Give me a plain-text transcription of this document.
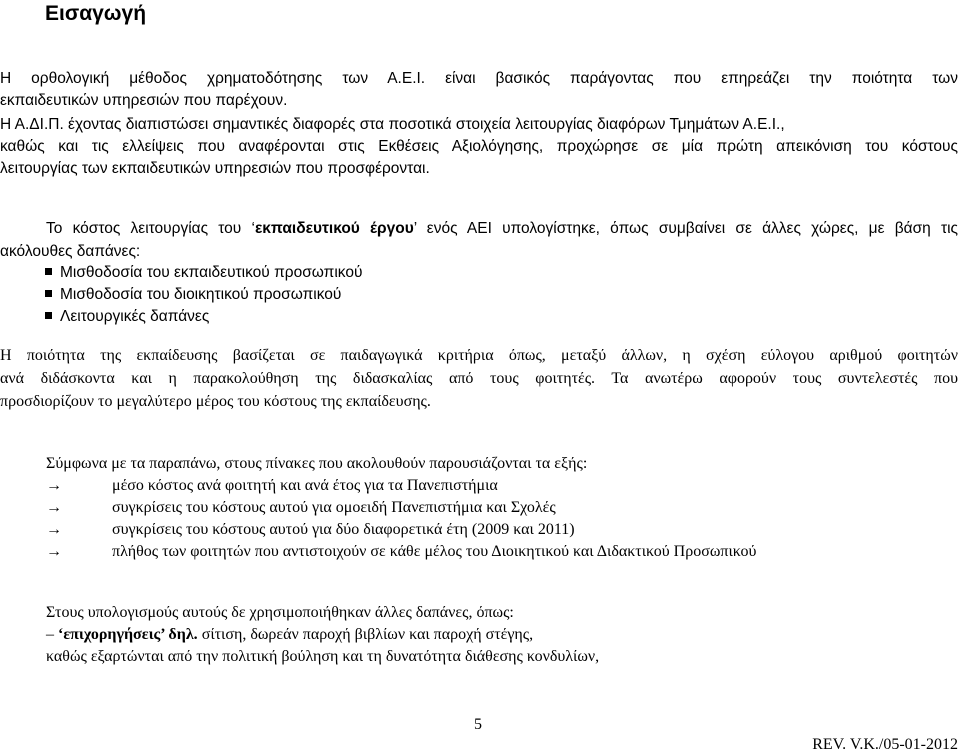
Εισαγωγή
Η ορθολογική μέθοδος χρηματοδότησης των Α.Ε.Ι. είναι βασικός παράγοντας που επηρεάζει την ποιότητα των
εκπαιδευτικών υπηρεσιών που παρέχουν.
Η Α.ΔΙ.Π. έχοντας διαπιστώσει σημαντικές διαφορές στα ποσοτικά στοιχεία λειτουργίας διαφόρων Τμημάτων Α.Ε.Ι.,
καθώς και τις ελλείψεις που αναφέρονται στις Εκθέσεις Αξιολόγησης, προχώρησε σε μία πρώτη απεικόνιση του κόστους
λειτουργίας των εκπαιδευτικών υπηρεσιών που προσφέρονται.
Το κόστος λειτουργίας του ‘εκπαιδευτικού έργου’ ενός ΑΕΙ υπολογίστηκε, όπως συμβαίνει σε άλλες χώρες, με βάση τις
ακόλουθες δαπάνες:
Μισθοδοσία του εκπαιδευτικού προσωπικού
Μισθοδοσία του διοικητικού προσωπικού
Λειτουργικές δαπάνες
Η ποιότητα της εκπαίδευσης βασίζεται σε παιδαγωγικά κριτήρια όπως, μεταξύ άλλων, η σχέση εύλογου αριθμού φοιτητών
ανά διδάσκοντα και η παρακολούθηση της διδασκαλίας από τους φοιτητές. Τα ανωτέρω αφορούν τους συντελεστές που
προσδιορίζουν το μεγαλύτερο μέρος του κόστους της εκπαίδευσης.
Σύμφωνα με τα παραπάνω, στους πίνακες που ακολουθούν παρουσιάζονται τα εξής:
→	μέσο κόστος ανά φοιτητή και ανά έτος για τα Πανεπιστήμια
→	συγκρίσεις του κόστους αυτού για ομοειδή Πανεπιστήμια και Σχολές
→	συγκρίσεις του κόστους αυτού για δύο διαφορετικά έτη (2009 και 2011)
→	πλήθος των φοιτητών που αντιστοιχούν σε κάθε μέλος του Διοικητικού και Διδακτικού Προσωπικού
Στους υπολογισμούς αυτούς δε χρησιμοποιήθηκαν άλλες δαπάνες, όπως:
– ‘επιχορηγήσεις’ δηλ. σίτιση, δωρεάν παροχή βιβλίων και παροχή στέγης,
καθώς εξαρτώνται από την πολιτική βούληση και τη δυνατότητα διάθεσης κονδυλίων,
5
REV. V.K./05-01-2012
